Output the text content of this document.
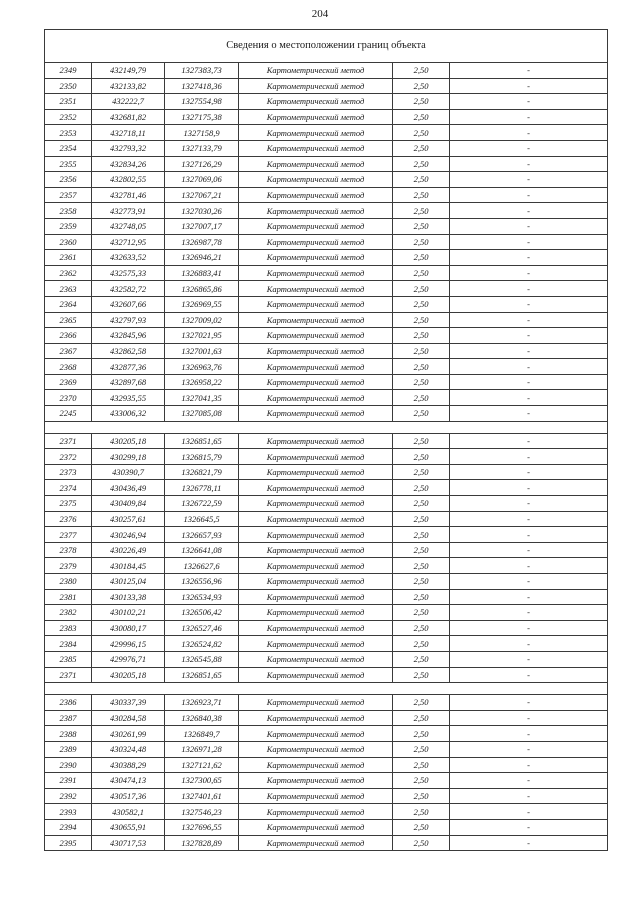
204
Сведения о местоположении границ объекта					
2349	432149,79	1327383,73	Картометрический метод	2,50	-
2350	432133,82	1327418,36	Картометрический метод	2,50	-
2351	432222,7	1327554,98	Картометрический метод	2,50	-
2352	432681,82	1327175,38	Картометрический метод	2,50	-
2353	432718,11	1327158,9	Картометрический метод	2,50	-
2354	432793,32	1327133,79	Картометрический метод	2,50	-
2355	432834,26	1327126,29	Картометрический метод	2,50	-
2356	432802,55	1327069,06	Картометрический метод	2,50	-
2357	432781,46	1327067,21	Картометрический метод	2,50	-
2358	432773,91	1327030,26	Картометрический метод	2,50	-
2359	432748,05	1327007,17	Картометрический метод	2,50	-
2360	432712,95	1326987,78	Картометрический метод	2,50	-
2361	432633,52	1326946,21	Картометрический метод	2,50	-
2362	432575,33	1326883,41	Картометрический метод	2,50	-
2363	432582,72	1326865,86	Картометрический метод	2,50	-
2364	432607,66	1326969,55	Картометрический метод	2,50	-
2365	432797,93	1327009,02	Картометрический метод	2,50	-
2366	432845,96	1327021,95	Картометрический метод	2,50	-
2367	432862,58	1327001,63	Картометрический метод	2,50	-
2368	432877,36	1326963,76	Картометрический метод	2,50	-
2369	432897,68	1326958,22	Картометрический метод	2,50	-
2370	432935,55	1327041,35	Картометрический метод	2,50	-
2245	433006,32	1327085,08	Картометрический метод	2,50	-

2371	430205,18	1326851,65	Картометрический метод	2,50	-
2372	430299,18	1326815,79	Картометрический метод	2,50	-
2373	430390,7	1326821,79	Картометрический метод	2,50	-
2374	430436,49	1326778,11	Картометрический метод	2,50	-
2375	430409,84	1326722,59	Картометрический метод	2,50	-
2376	430257,61	1326645,5	Картометрический метод	2,50	-
2377	430246,94	1326657,93	Картометрический метод	2,50	-
2378	430226,49	1326641,08	Картометрический метод	2,50	-
2379	430184,45	1326627,6	Картометрический метод	2,50	-
2380	430125,04	1326556,96	Картометрический метод	2,50	-
2381	430133,38	1326534,93	Картометрический метод	2,50	-
2382	430102,21	1326506,42	Картометрический метод	2,50	-
2383	430080,17	1326527,46	Картометрический метод	2,50	-
2384	429996,15	1326524,82	Картометрический метод	2,50	-
2385	429976,71	1326545,88	Картометрический метод	2,50	-
2371	430205,18	1326851,65	Картометрический метод	2,50	-

2386	430337,39	1326923,71	Картометрический метод	2,50	-
2387	430284,58	1326840,38	Картометрический метод	2,50	-
2388	430261,99	1326849,7	Картометрический метод	2,50	-
2389	430324,48	1326971,28	Картометрический метод	2,50	-
2390	430388,29	1327121,62	Картометрический метод	2,50	-
2391	430474,13	1327300,65	Картометрический метод	2,50	-
2392	430517,36	1327401,61	Картометрический метод	2,50	-
2393	430582,1	1327546,23	Картометрический метод	2,50	-
2394	430655,91	1327696,55	Картометрический метод	2,50	-
2395	430717,53	1327828,89	Картометрический метод	2,50	-
